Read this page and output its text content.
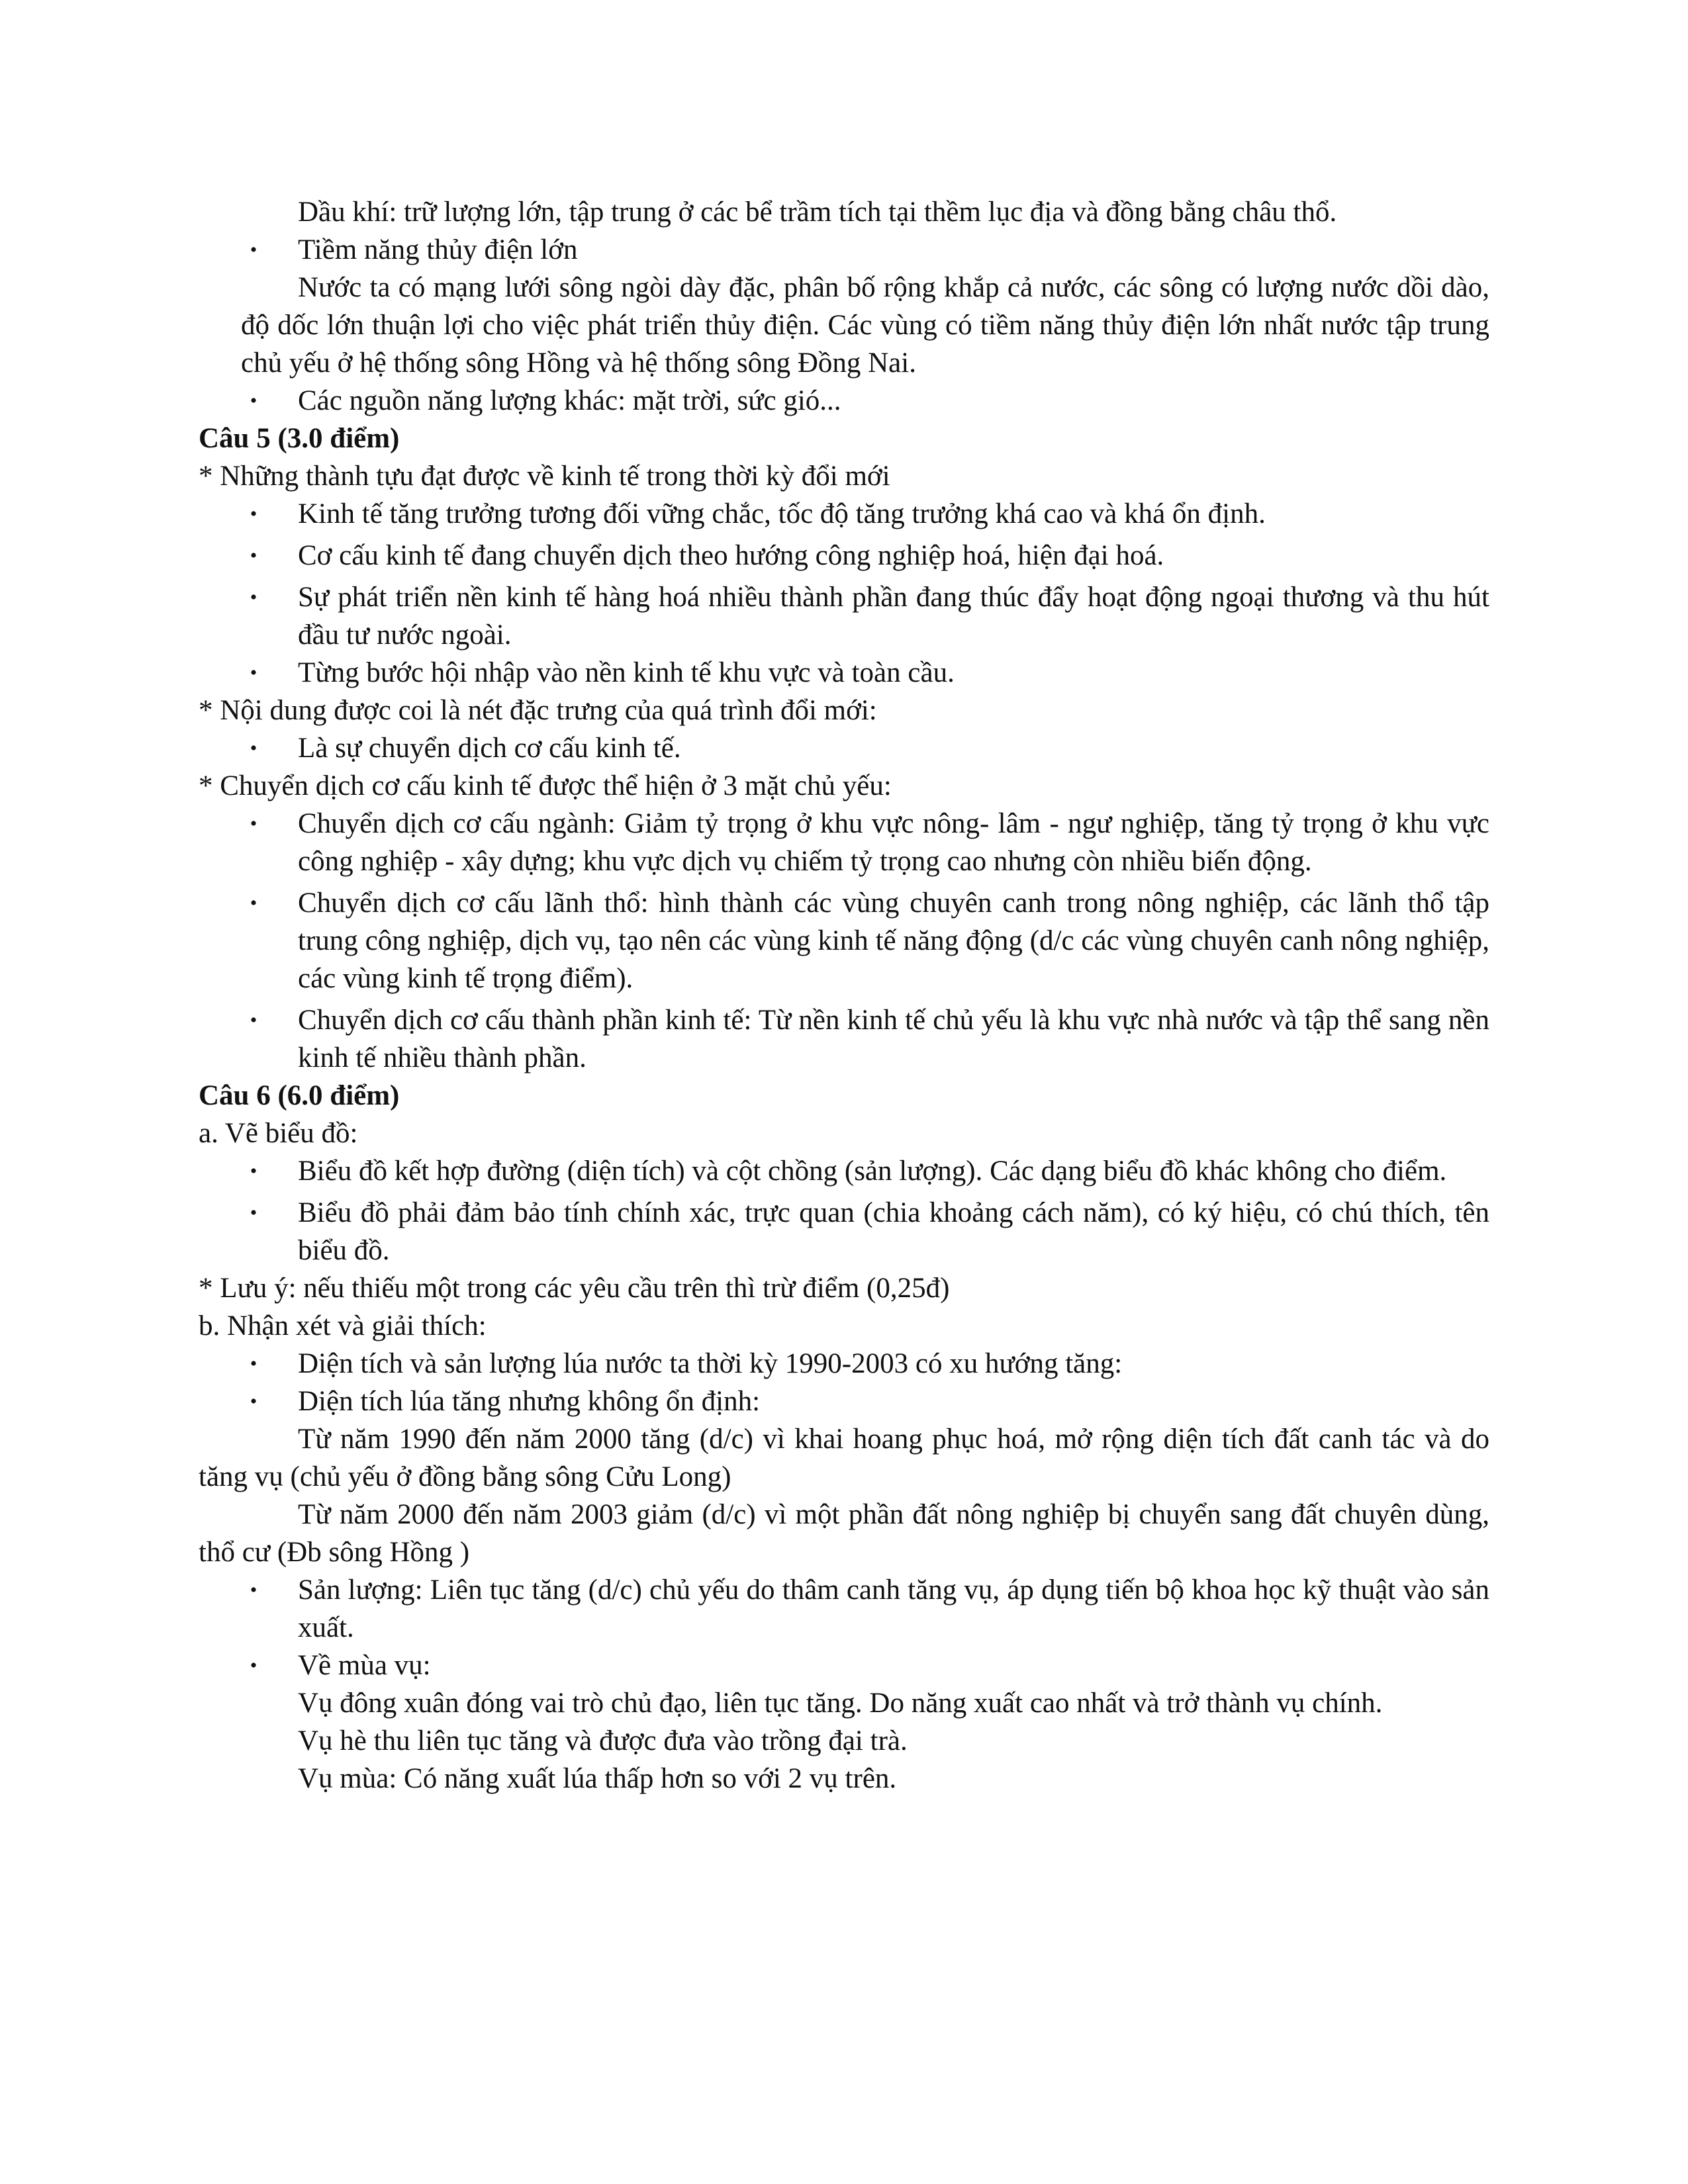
Dầu khí: trữ lượng lớn, tập trung ở các bể trầm tích tại thềm lục địa và đồng bằng châu thổ.

•
Tiềm năng thủy điện lớn

Nước ta có mạng lưới sông ngòi dày đặc, phân bố rộng khắp cả nước, các sông có lượng nước dồi dào, độ dốc lớn thuận lợi cho việc phát triển thủy điện. Các vùng có tiềm năng thủy điện lớn nhất nước tập trung chủ yếu ở hệ thống sông Hồng và hệ thống sông Đồng Nai.

•
Các nguồn năng lượng khác: mặt trời, sức gió...

Câu 5 (3.0 điểm)

* Những thành tựu đạt được về kinh tế trong thời kỳ đổi mới

•
Kinh tế tăng trưởng tương đối vững chắc, tốc độ tăng trưởng khá cao và khá ổn định.
•
Cơ cấu kinh tế đang chuyển dịch theo hướng công nghiệp hoá, hiện đại hoá.
•
Sự phát triển nền kinh tế hàng hoá nhiều thành phần đang thúc đẩy hoạt động ngoại thương và thu hút đầu tư nước ngoài.
•
Từng bước hội nhập vào nền kinh tế khu vực và toàn cầu.

* Nội dung được coi là nét đặc trưng của quá trình đổi mới:

•
Là sự chuyển dịch cơ cấu kinh tế.

* Chuyển dịch cơ cấu kinh tế được thể hiện ở 3 mặt chủ yếu:

•
Chuyển dịch cơ cấu ngành: Giảm tỷ trọng ở khu vực nông- lâm - ngư nghiệp, tăng tỷ trọng ở khu vực công nghiệp - xây dựng; khu vực dịch vụ chiếm tỷ trọng cao nhưng còn nhiều biến động.
•
Chuyển dịch cơ cấu lãnh thổ: hình thành các vùng chuyên canh trong nông nghiệp, các lãnh thổ tập trung công nghiệp, dịch vụ, tạo nên các vùng kinh tế năng động (d/c các vùng chuyên canh nông nghiệp, các vùng kinh tế trọng điểm).
•
Chuyển dịch cơ cấu thành phần kinh tế: Từ nền kinh tế chủ yếu là khu vực nhà nước và tập thể sang nền kinh tế nhiều thành phần.

Câu 6 (6.0 điểm)

a. Vẽ biểu đồ:

•
Biểu đồ kết hợp đường (diện tích) và cột chồng (sản lượng). Các dạng biểu đồ khác không cho điểm.
•
Biểu đồ phải đảm bảo tính chính xác, trực quan (chia khoảng cách năm), có ký hiệu, có chú thích, tên biểu đồ.

* Lưu ý: nếu thiếu một trong các yêu cầu trên thì trừ điểm (0,25đ)

b. Nhận xét và giải thích:

•
Diện tích và sản lượng lúa nước ta thời kỳ 1990-2003 có xu hướng tăng:
•
Diện tích lúa tăng nhưng không ổn định:

Từ năm 1990 đến năm 2000 tăng (d/c) vì khai hoang phục hoá, mở rộng diện tích đất canh tác và do tăng vụ (chủ yếu ở đồng bằng sông Cửu Long)

Từ năm 2000 đến năm 2003 giảm (d/c) vì một phần đất nông nghiệp bị chuyển sang đất chuyên dùng, thổ cư (Đb sông Hồng )

•
Sản lượng: Liên tục tăng (d/c) chủ yếu do thâm canh tăng vụ, áp dụng tiến bộ khoa học kỹ thuật vào sản xuất.
•
Về mùa vụ:

Vụ đông xuân đóng vai trò chủ đạo, liên tục tăng. Do năng xuất cao nhất và trở thành vụ chính.

Vụ hè thu liên tục tăng và được đưa vào trồng đại trà.

Vụ mùa: Có năng xuất lúa thấp hơn so với 2 vụ trên.
